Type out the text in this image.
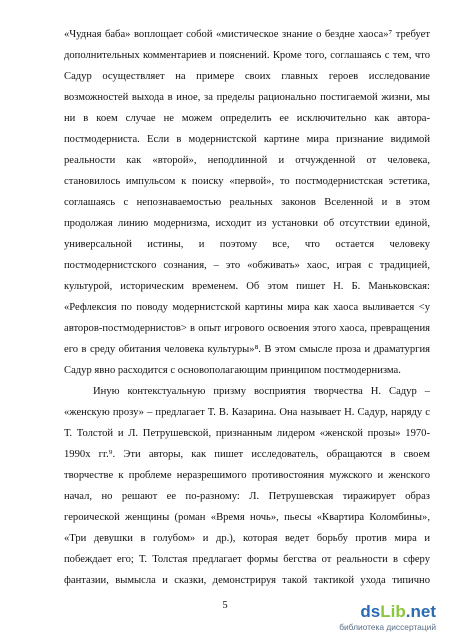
«Чудная баба» воплощает собой «мистическое знание о бездне хаоса»⁷ требует
дополнительных комментариев и пояснений. Кроме того, соглашаясь с тем, что
Садур осуществляет на примере своих главных героев исследование
возможностей выхода в иное, за пределы рационально постигаемой жизни, мы
ни в коем случае не можем определить ее исключительно как автора-
постмодерниста. Если в модернистской картине мира признание видимой
реальности как «второй», неподлинной и отчужденной от человека,
становилось импульсом к поиску «первой», то постмодернистская эстетика,
соглашаясь с непознаваемостью реальных законов Вселенной и в этом
продолжая линию модернизма, исходит из установки об отсутствии единой,
универсальной истины, и поэтому все, что остается человеку
постмодернистского сознания, – это «обживать» хаос, играя с традицией,
культурой, историческим временем. Об этом пишет Н. Б. Маньковская:
«Рефлексия по поводу модернистской картины мира как хаоса выливается <у
авторов-постмодернистов> в опыт игрового освоения этого хаоса, превращения
его в среду обитания человека культуры»⁸. В этом смысле проза и драматургия
Садур явно расходится с основополагающим принципом постмодернизма.
Иную контекстуальную призму восприятия творчества Н. Садур –
«женскую прозу» – предлагает Т. В. Казарина. Она называет Н. Садур, наряду с
Т. Толстой и Л. Петрушевской, признанным лидером «женской прозы» 1970-
1990х гг.⁹. Эти авторы, как пишет исследователь, обращаются в своем
творчестве к проблеме неразрешимого противостояния мужского и женского
начал, но решают ее по-разному: Л. Петрушевская тиражирует образ
героической женщины (роман «Время ночь», пьесы «Квартира Коломбины»,
«Три девушки в голубом» и др.), которая ведет борьбу против мира и
побеждает его; Т. Толстая предлагает формы бегства от реальности в сферу
фантазии, вымысла и сказки, демонстрируя такой тактикой ухода типично
5	dsLib.net
библиотека диссертаций
